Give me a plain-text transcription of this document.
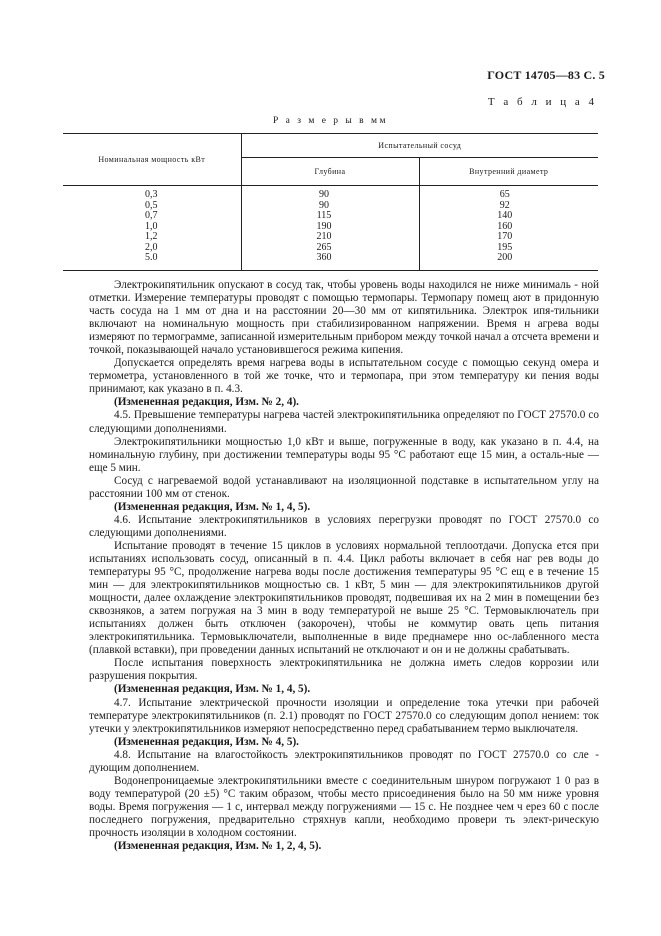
ГОСТ 14705—83 С. 5
Т а б л и ц а 4
Р а з м е р ы в мм
Номинальная мощность кВт	Испытательный сосуд	
	Глубина	Внутренний диаметр

0,3	90	65
0,5	90	92
0,7	115	140
1,0	190	160
1,2	210	170
2,0	265	195
5.0	360	200

Электрокипятильник опускают в сосуд так, чтобы уровень воды находился не ниже минималь - ной отметки. Измерение температуры проводят с помощью термопары. Термопару помещ ают в придонную часть сосуда на 1 мм от дна и на расстоянии 20—30 мм от кипятильника. Электрок ипя-тильники включают на номинальную мощность при стабилизированном напряжении. Время н агрева воды измеряют по термограмме, записанной измерительным прибором между точкой начал а отсчета времени и точкой, показывающей начало установившегося режима кипения.

Допускается определять время нагрева воды в испытательном сосуде с помощью секунд омера и термометра, установленного в той же точке, что и термопара, при этом температуру ки пения воды принимают, как указано в п. 4.3.

(Измененная редакция, Изм. № 2, 4).

4.5. Превышение температуры нагрева частей электрокипятильника определяют по ГОСТ 27570.0 со следующими дополнениями.

Электрокипятильники мощностью 1,0 кВт и выше, погруженные в воду, как указано в п. 4.4, на номинальную глубину, при достижении температуры воды 95 °С работают еще 15 мин, а осталь-ные — еще 5 мин.

Сосуд с нагреваемой водой устанавливают на изоляционной подставке в испытательном углу на расстоянии 100 мм от стенок.

(Измененная редакция, Изм. № 1, 4, 5).

4.6. Испытание электрокипятильников в условиях перегрузки проводят по ГОСТ 27570.0 со следующими дополнениями.

Испытание проводят в течение 15 циклов в условиях нормальной теплоотдачи. Допуска ется при испытаниях использовать сосуд, описанный в п. 4.4. Цикл работы включает в себя наг рев воды до температуры 95 °С, продолжение нагрева воды после достижения температуры 95 °С ещ е в течение 15 мин — для электрокипятильников мощностью св. 1 кВт, 5 мин — для электрокипятильников другой мощности, далее охлаждение электрокипятильников проводят, подвешивая их на 2 мин в помещении без сквозняков, а затем погружая на 3 мин в воду температурой не выше 25 °С. Термовыключатель при испытаниях должен быть отключен (закорочен), чтобы не коммутир овать цепь питания электрокипятильника. Термовыключатели, выполненные в виде преднамере нно ос-лабленного места (плавкой вставки), при проведении данных испытаний не отключают и он и не должны срабатывать.

После испытания поверхность электрокипятильника не должна иметь следов коррозии или разрушения покрытия.

(Измененная редакция, Изм. № 1, 4, 5).

4.7. Испытание электрической прочности изоляции и определение тока утечки при рабочей температуре электрокипятильников (п. 2.1) проводят по ГОСТ 27570.0 со следующим допол нением: ток утечки у электрокипятильников измеряют непосредственно перед срабатыванием термо выключателя.

(Измененная редакция, Изм. № 4, 5).

4.8. Испытание на влагостойкость электрокипятильников проводят по ГОСТ 27570.0 со сле - дующим дополнением.

Водонепроницаемые электрокипятильники вместе с соединительным шнуром погружают 1 0 раз в воду температурой (20 ±5) °С таким образом, чтобы место присоединения было на 50 мм ниже уровня воды. Время погружения — 1 с, интервал между погружениями — 15 с. Не позднее чем ч ерез 60 с после последнего погружения, предварительно стряхнув капли, необходимо провери ть элект-рическую прочность изоляции в холодном состоянии.

(Измененная редакция, Изм. № 1, 2, 4, 5).
